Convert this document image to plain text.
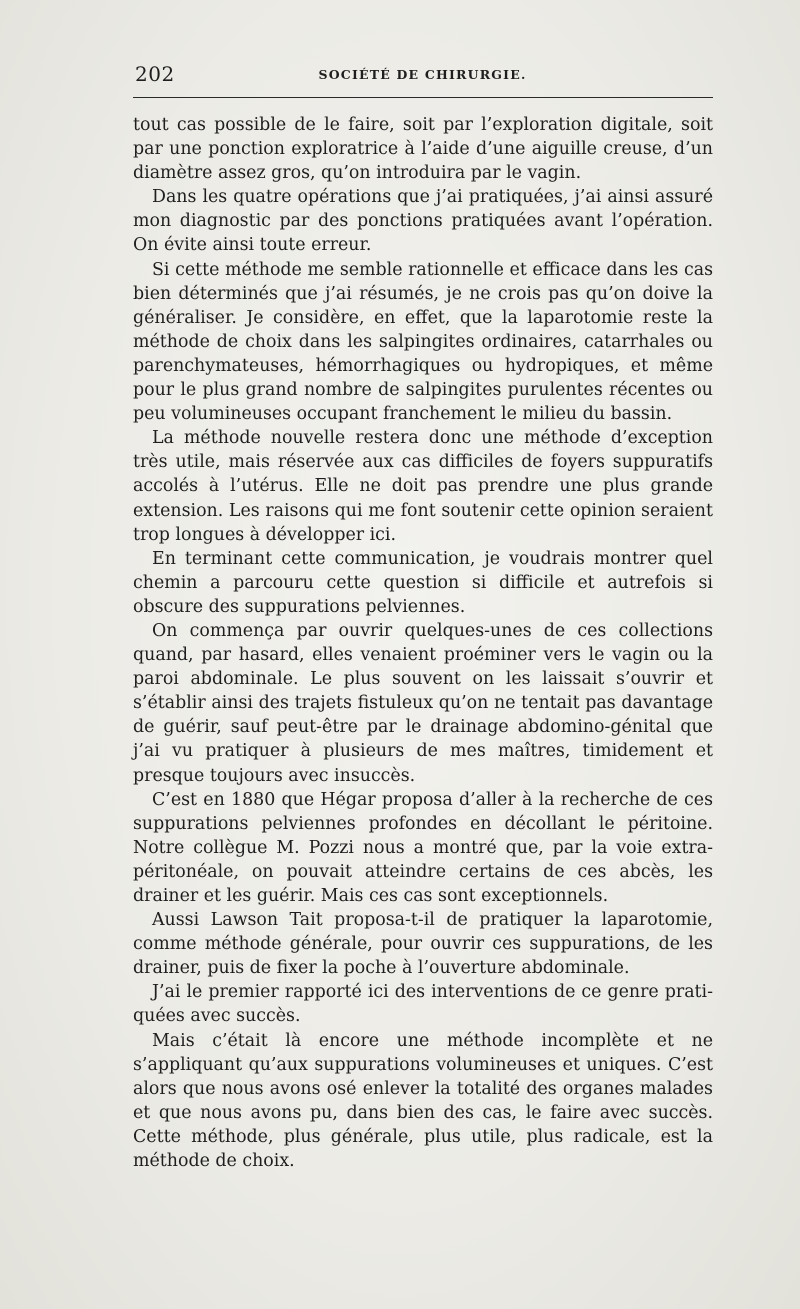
202	SOCIÉTÉ DE CHIRURGIE.

tout cas possible de le faire, soit par l’exploration digitale, soit par une ponction exploratrice à l’aide d’une aiguille creuse, d’un diamètre assez gros, qu’on introduira par le vagin.

Dans les quatre opérations que j’ai pratiquées, j’ai ainsi assuré mon diagnostic par des ponctions pratiquées avant l’opération. On évite ainsi toute erreur.

Si cette méthode me semble rationnelle et efficace dans les cas bien déterminés que j’ai résumés, je ne crois pas qu’on doive la généraliser. Je considère, en effet, que la laparotomie reste la méthode de choix dans les salpingites ordinaires, catarrhales ou parenchymateuses, hémorrhagiques ou hydropiques, et même pour le plus grand nombre de salpingites purulentes récentes ou peu volumineuses occupant franchement le milieu du bassin.

La méthode nouvelle restera donc une méthode d’exception très utile, mais réservée aux cas difficiles de foyers suppuratifs accolés à l’utérus. Elle ne doit pas prendre une plus grande extension. Les raisons qui me font soutenir cette opinion seraient trop longues à développer ici.

En terminant cette communication, je voudrais montrer quel chemin a parcouru cette question si difficile et autrefois si obscure des suppurations pelviennes.

On commença par ouvrir quelques-unes de ces collections quand, par hasard, elles venaient proéminer vers le vagin ou la paroi abdominale. Le plus souvent on les laissait s’ouvrir et s’établir ainsi des trajets fistuleux qu’on ne tentait pas davantage de guérir, sauf peut-être par le drainage abdomino-génital que j’ai vu pratiquer à plusieurs de mes maîtres, timidement et presque toujours avec insuccès.

C’est en 1880 que Hégar proposa d’aller à la recherche de ces suppurations pelviennes profondes en décollant le péritoine. Notre collègue M. Pozzi nous a montré que, par la voie extra-péritonéale, on pouvait atteindre certains de ces abcès, les drainer et les guérir. Mais ces cas sont exceptionnels.

Aussi Lawson Tait proposa-t-il de pratiquer la laparotomie, comme méthode générale, pour ouvrir ces suppurations, de les drainer, puis de fixer la poche à l’ouverture abdominale.

J’ai le premier rapporté ici des interventions de ce genre pratiquées avec succès.

Mais c’était là encore une méthode incomplète et ne s’appliquant qu’aux suppurations volumineuses et uniques. C’est alors que nous avons osé enlever la totalité des organes malades et que nous avons pu, dans bien des cas, le faire avec succès. Cette méthode, plus générale, plus utile, plus radicale, est la méthode de choix.
